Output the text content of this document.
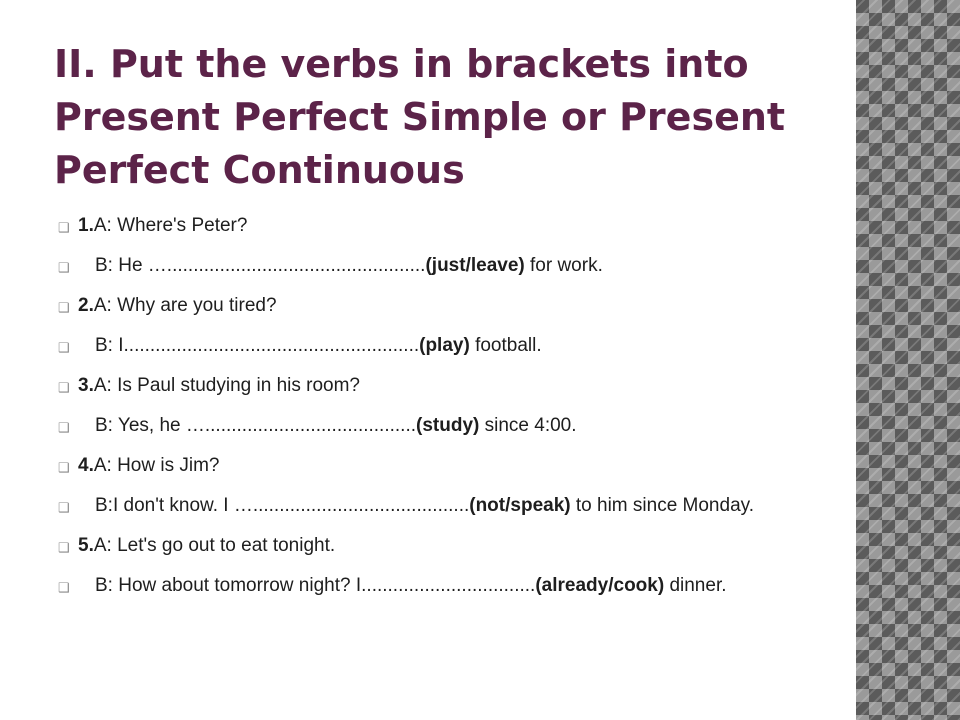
II. Put the verbs in brackets into Present Perfect Simple or Present Perfect Continuous
❑ 1.A: Where's Peter?
❑ B: He ….................................................(just/leave) for work.
❑ 2.A: Why are you tired?
❑ B: I........................................................(play) football.
❑ 3.A: Is Paul studying in his room?
❑ B: Yes, he …........................................(study) since 4:00.
❑ 4.A: How is Jim?
❑ B:I don't know. I ….........................................(not/speak) to him since Monday.
❑ 5.A: Let's go out to eat tonight.
❑ B: How about tomorrow night? I.................................(already/cook) dinner.
